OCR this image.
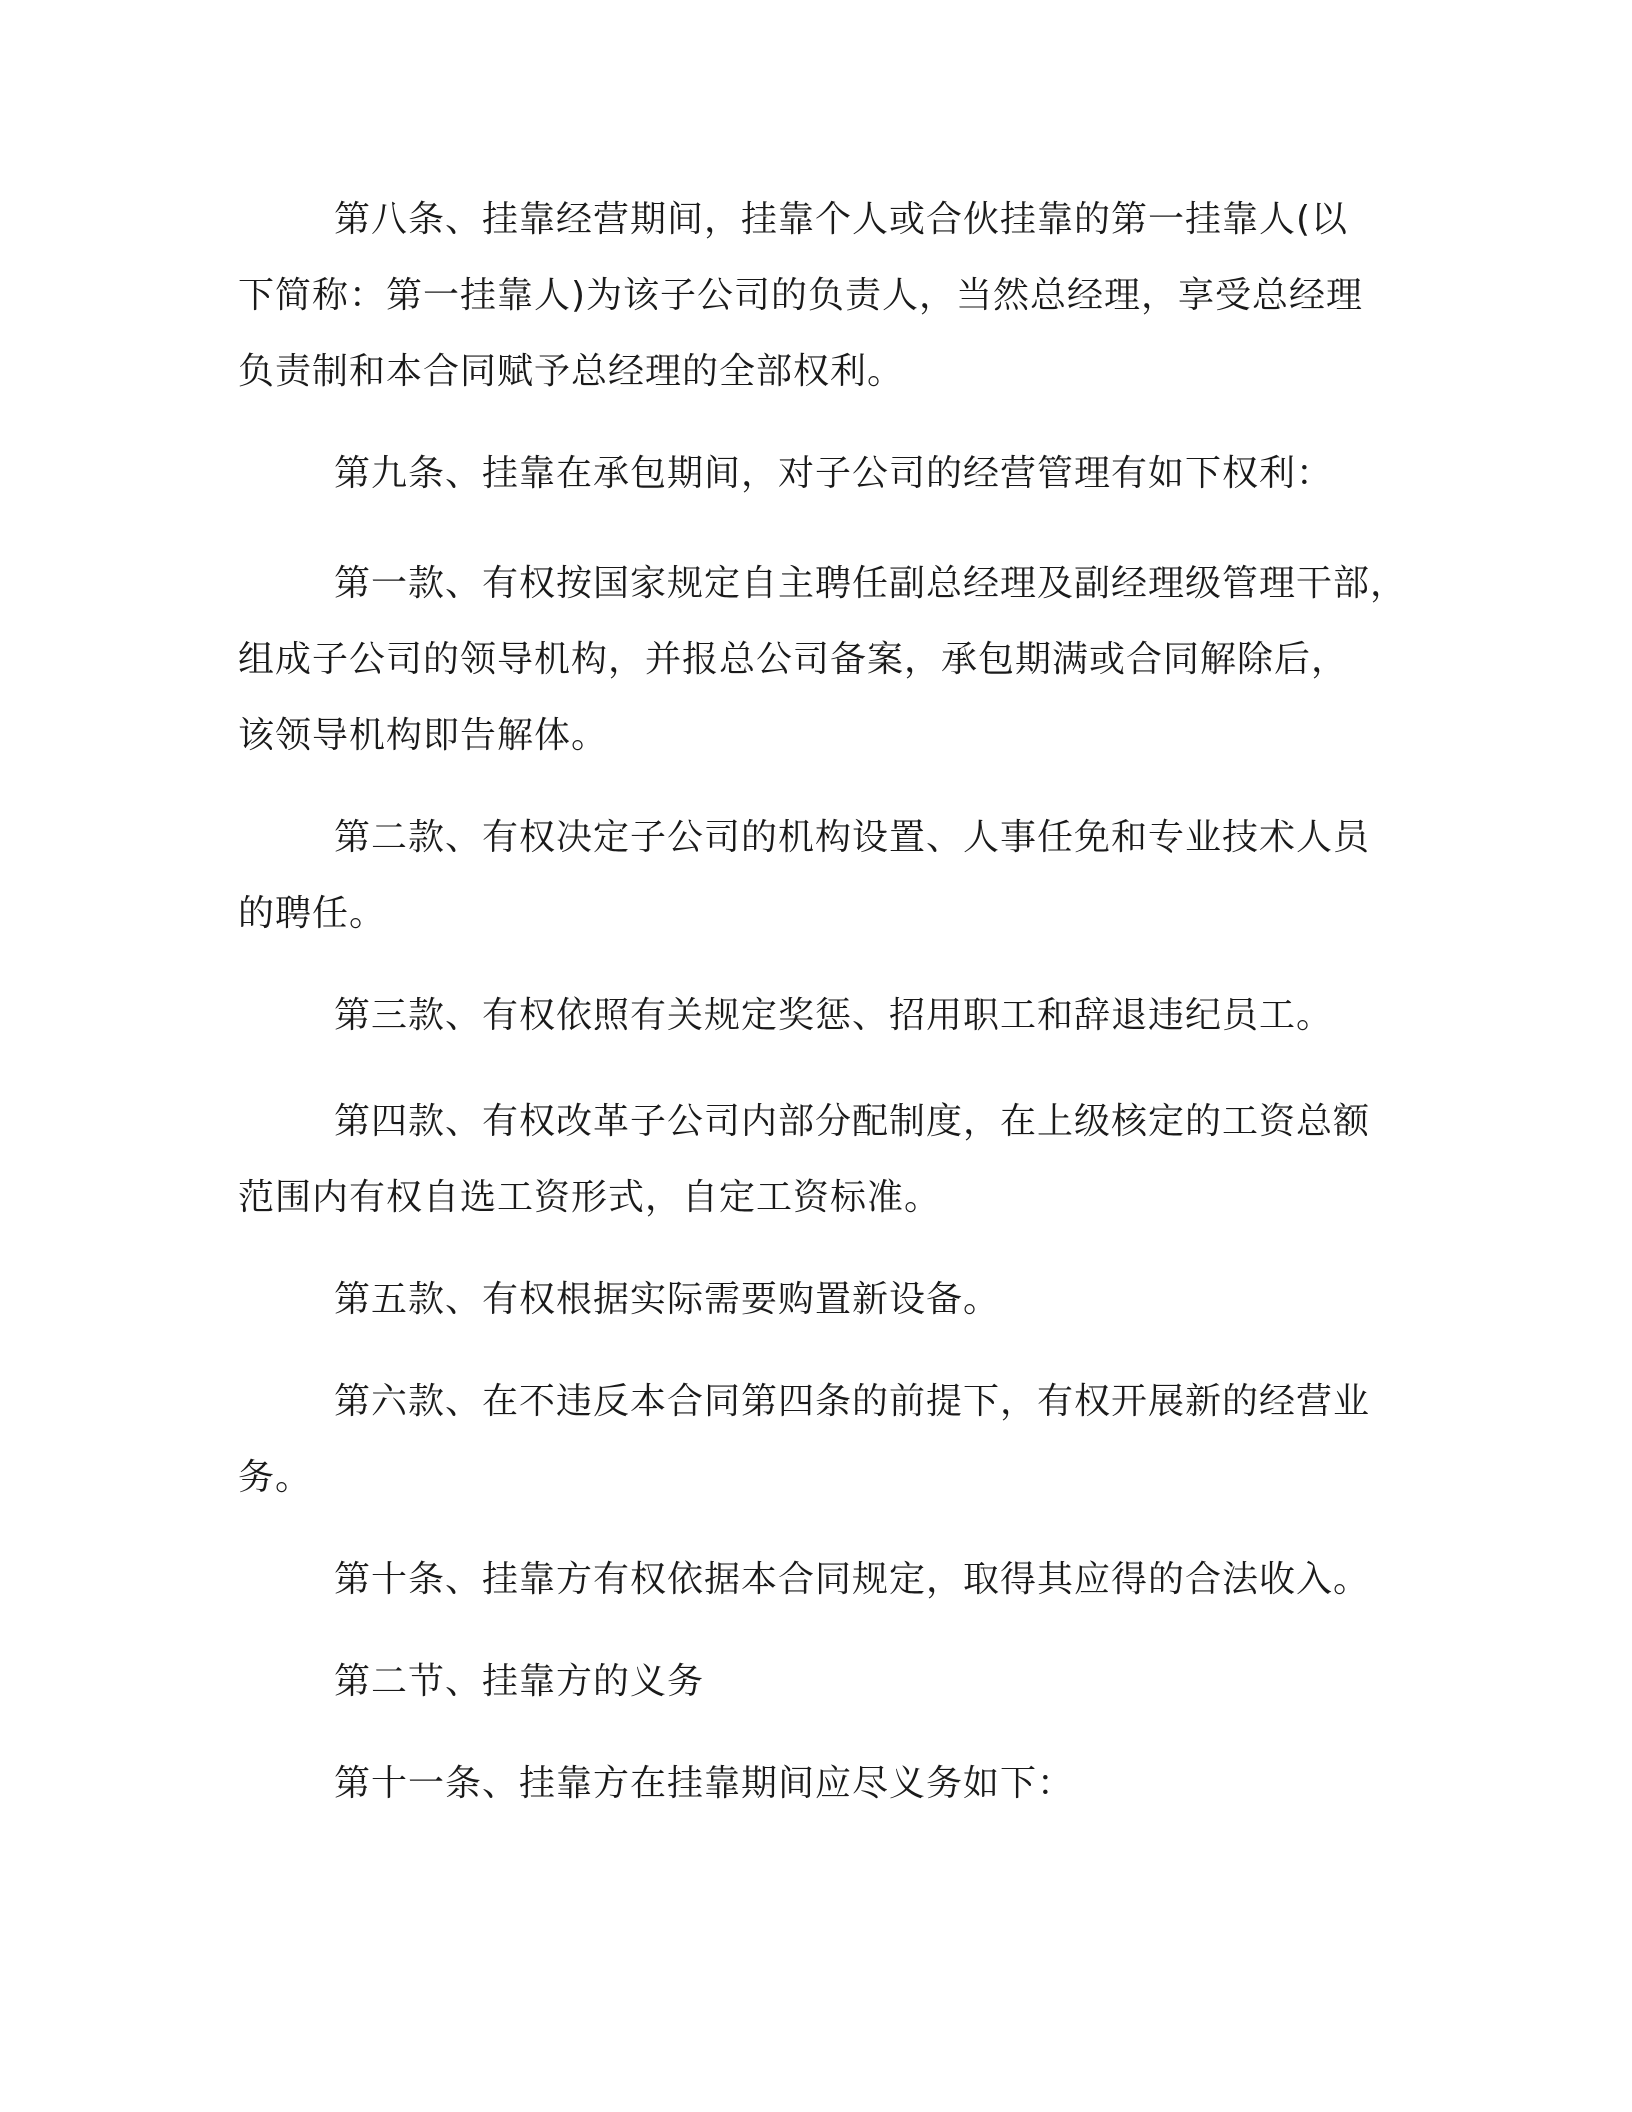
第八条、挂靠经营期间，挂靠个人或合伙挂靠的第一挂靠人(以
下简称：第一挂靠人)为该子公司的负责人，当然总经理，享受总经理
负责制和本合同赋予总经理的全部权利。

第九条、挂靠在承包期间，对子公司的经营管理有如下权利：

第一款、有权按国家规定自主聘任副总经理及副经理级管理干部，
组成子公司的领导机构，并报总公司备案，承包期满或合同解除后，
该领导机构即告解体。

第二款、有权决定子公司的机构设置、人事任免和专业技术人员
的聘任。

第三款、有权依照有关规定奖惩、招用职工和辞退违纪员工。

第四款、有权改革子公司内部分配制度，在上级核定的工资总额
范围内有权自选工资形式，自定工资标准。

第五款、有权根据实际需要购置新设备。

第六款、在不违反本合同第四条的前提下，有权开展新的经营业
务。

第十条、挂靠方有权依据本合同规定，取得其应得的合法收入。

第二节、挂靠方的义务

第十一条、挂靠方在挂靠期间应尽义务如下：
